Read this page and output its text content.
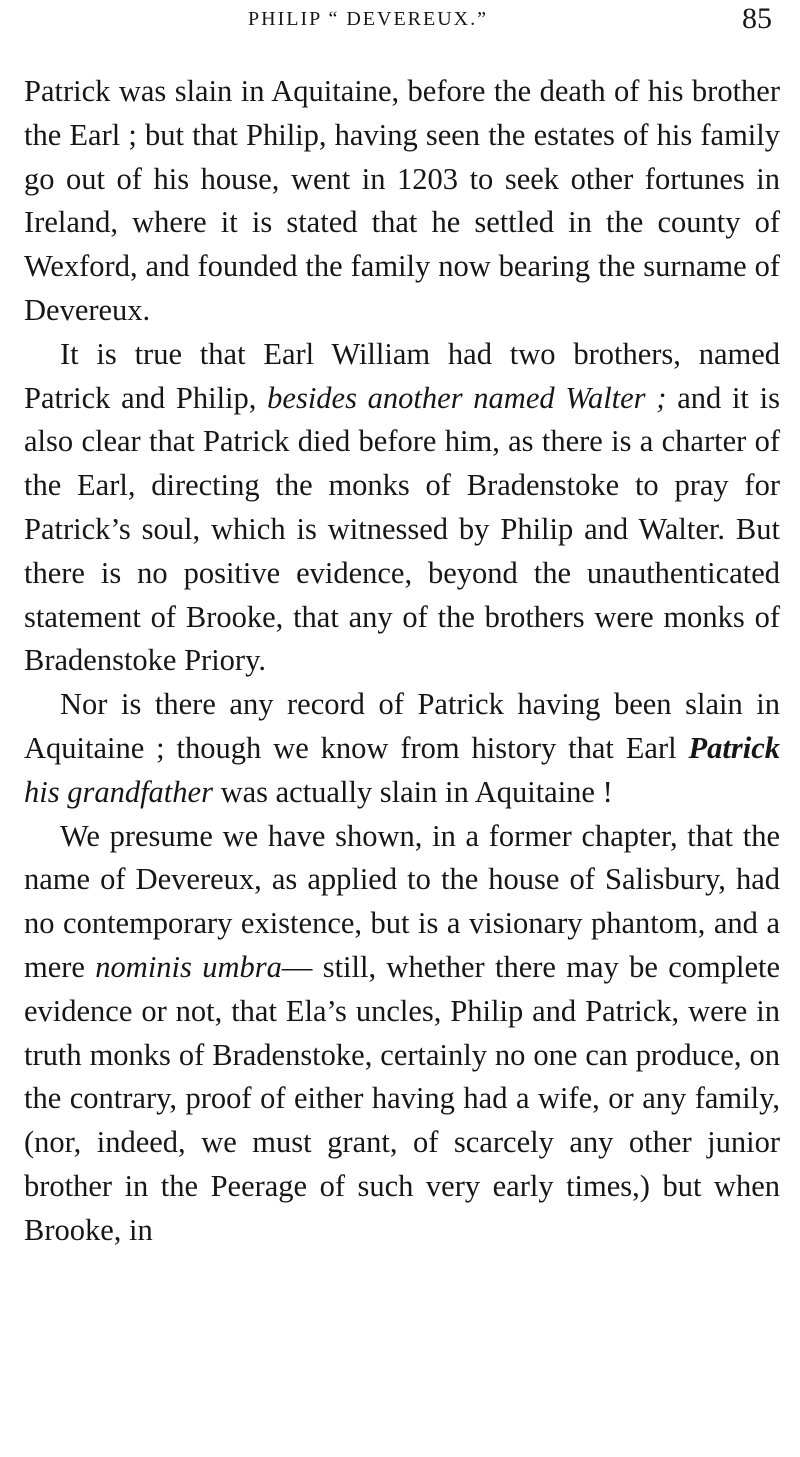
PHILIP “ DEVEREUX.”	85

Patrick was slain in Aquitaine, before the death of his brother the Earl ; but that Philip, having seen the estates of his family go out of his house, went in 1203 to seek other fortunes in Ireland, where it is stated that he settled in the county of Wexford, and founded the family now bearing the surname of Devereux.

It is true that Earl William had two brothers, named Patrick and Philip, besides another named Walter ; and it is also clear that Patrick died before him, as there is a charter of the Earl, directing the monks of Bradenstoke to pray for Patrick’s soul, which is witnessed by Philip and Walter. But there is no positive evidence, beyond the unauthenticated statement of Brooke, that any of the brothers were monks of Bradenstoke Priory.

Nor is there any record of Patrick having been slain in Aquitaine ; though we know from history that Earl Patrick his grandfather was actually slain in Aquitaine !

We presume we have shown, in a former chapter, that the name of Devereux, as applied to the house of Salisbury, had no contemporary existence, but is a visionary phantom, and a mere nominis umbra— still, whether there may be complete evidence or not, that Ela’s uncles, Philip and Patrick, were in truth monks of Bradenstoke, certainly no one can produce, on the contrary, proof of either having had a wife, or any family, (nor, indeed, we must grant, of scarcely any other junior brother in the Peerage of such very early times,) but when Brooke, in
